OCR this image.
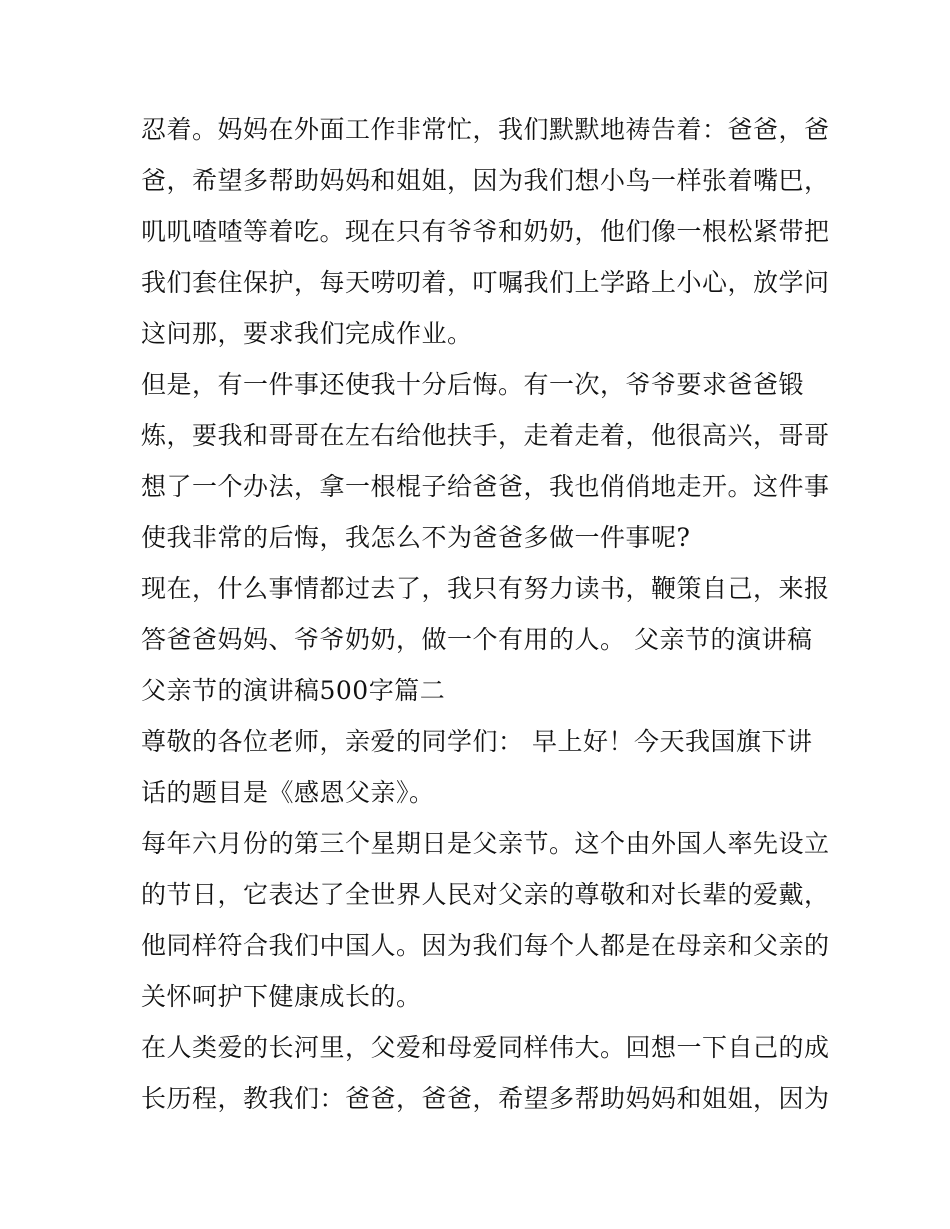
忍着。妈妈在外面工作非常忙，我们默默地祷告着：爸爸，爸
爸，希望多帮助妈妈和姐姐，因为我们想小鸟一样张着嘴巴，
叽叽喳喳等着吃。现在只有爷爷和奶奶，他们像一根松紧带把
我们套住保护，每天唠叨着，叮嘱我们上学路上小心，放学问
这问那，要求我们完成作业。
但是，有一件事还使我十分后悔。有一次，爷爷要求爸爸锻
炼，要我和哥哥在左右给他扶手，走着走着，他很高兴，哥哥
想了一个办法，拿一根棍子给爸爸，我也俏俏地走开。这件事
使我非常的后悔，我怎么不为爸爸多做一件事呢?
现在，什么事情都过去了，我只有努力读书，鞭策自己，来报
答爸爸妈妈、爷爷奶奶，做一个有用的人。 父亲节的演讲稿
父亲节的演讲稿500字篇二
尊敬的各位老师，亲爱的同学们： 早上好！今天我国旗下讲
话的题目是《感恩父亲》。
每年六月份的第三个星期日是父亲节。这个由外国人率先设立
的节日，它表达了全世界人民对父亲的尊敬和对长辈的爱戴，
他同样符合我们中国人。因为我们每个人都是在母亲和父亲的
关怀呵护下健康成长的。
在人类爱的长河里，父爱和母爱同样伟大。回想一下自己的成
长历程，教我们：爸爸，爸爸，希望多帮助妈妈和姐姐，因为
